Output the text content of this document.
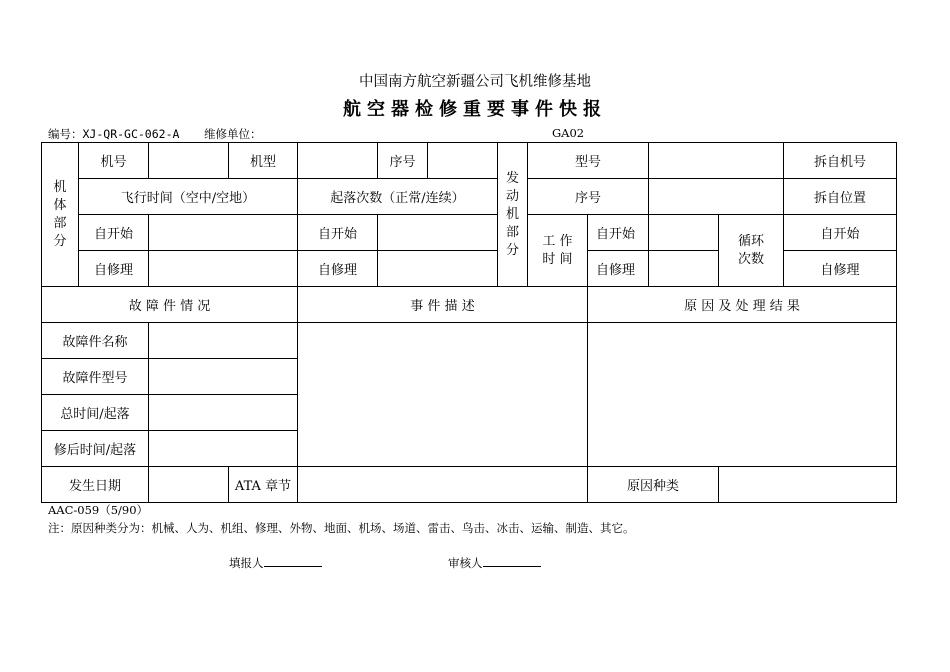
中国南方航空新疆公司飞机维修基地
航空器检修重要事件快报
编号：XJ-QR-GC-062-A 维修单位：	GA02
机体部分	机号		机型		序号		发动机部分	型号				拆自机号	
	飞行时间（空中/空地）			起落次数（正常/连续）				序号				拆自位置	
	自开始			自开始				工 作 时 间	自开始		循环次数	自开始	
	自修理			自修理					自修理			自修理	
故 障 件 情 况				事 件 描 述					原 因 及 处 理 结 果				
故障件名称													
故障件型号													
总时间/起落													
修后时间/起落													
发生日期			ATA 章节						原因种类				
AAC-059（5/90）
注：原因种类分为：机械、人为、机组、修理、外物、地面、机场、场道、雷击、鸟击、冰击、运输、制造、其它。
填报人	审核人
